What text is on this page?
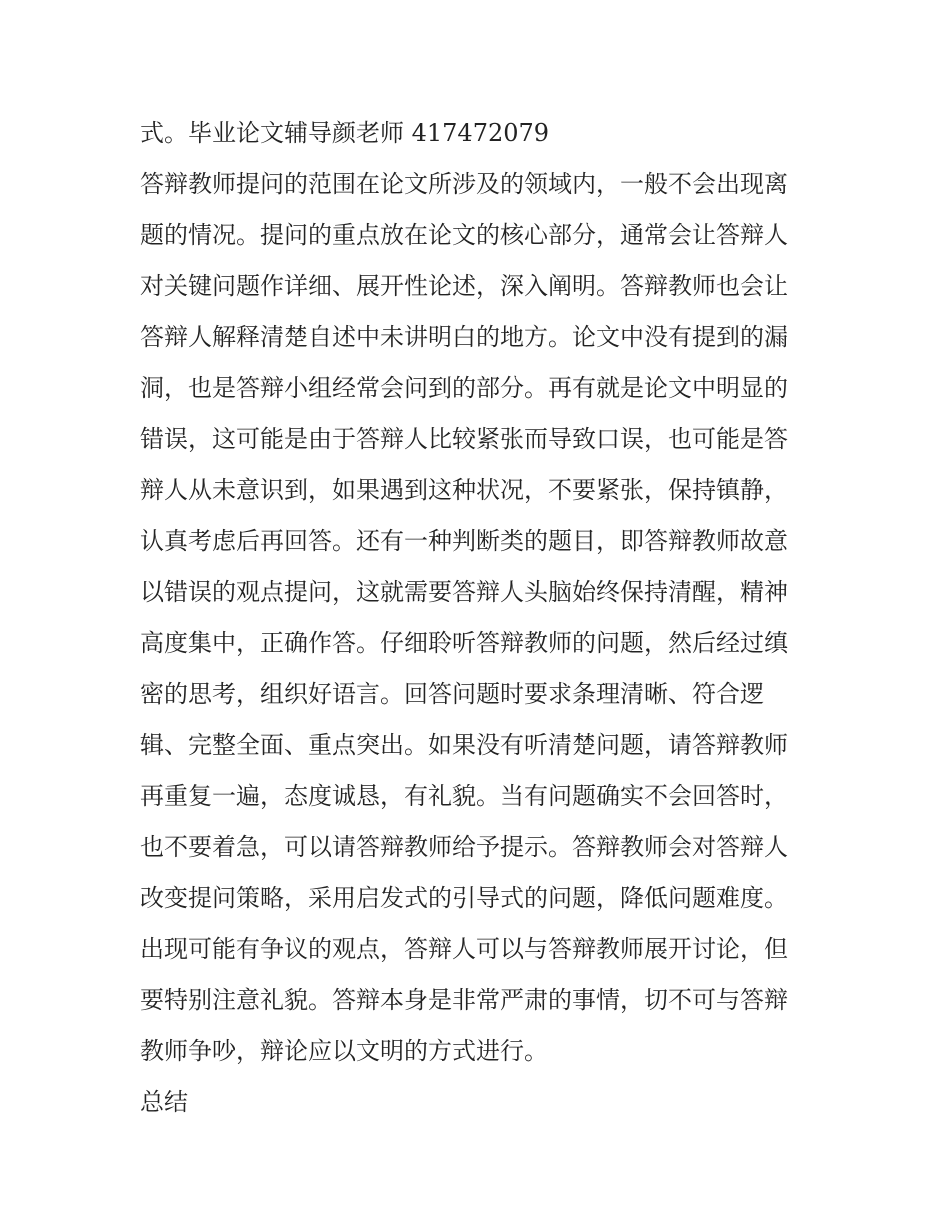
式。毕业论文辅导颜老师 417472079
答辩教师提问的范围在论文所涉及的领域内，一般不会出现离
题的情况。提问的重点放在论文的核心部分，通常会让答辩人
对关键问题作详细、展开性论述，深入阐明。答辩教师也会让
答辩人解释清楚自述中未讲明白的地方。论文中没有提到的漏
洞，也是答辩小组经常会问到的部分。再有就是论文中明显的
错误，这可能是由于答辩人比较紧张而导致口误，也可能是答
辩人从未意识到，如果遇到这种状况，不要紧张，保持镇静，
认真考虑后再回答。还有一种判断类的题目，即答辩教师故意
以错误的观点提问，这就需要答辩人头脑始终保持清醒，精神
高度集中，正确作答。仔细聆听答辩教师的问题，然后经过缜
密的思考，组织好语言。回答问题时要求条理清晰、符合逻
辑、完整全面、重点突出。如果没有听清楚问题，请答辩教师
再重复一遍，态度诚恳，有礼貌。当有问题确实不会回答时，
也不要着急，可以请答辩教师给予提示。答辩教师会对答辩人
改变提问策略，采用启发式的引导式的问题，降低问题难度。
出现可能有争议的观点，答辩人可以与答辩教师展开讨论，但
要特别注意礼貌。答辩本身是非常严肃的事情，切不可与答辩
教师争吵，辩论应以文明的方式进行。
总结
